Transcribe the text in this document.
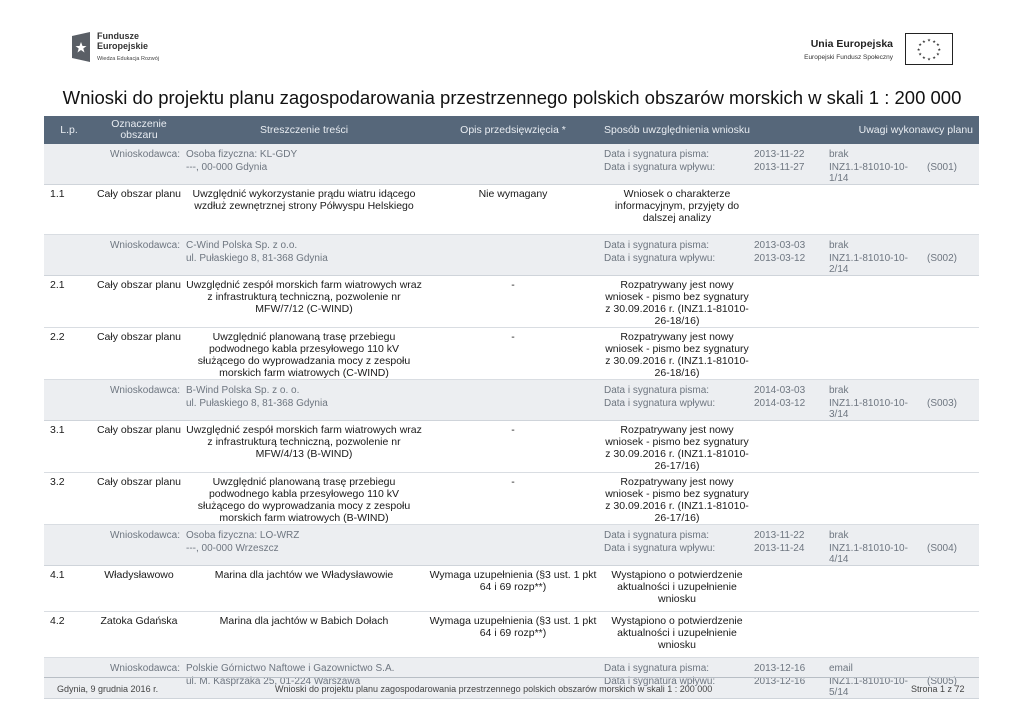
Fundusze
Europejskie
Wiedza Edukacja Rozwój
Unia Europejska
Europejski Fundusz Społeczny
★ ★
★
★
★
★
★
★
★
★
★
★
Wnioski do projektu planu zagospodarowania przestrzennego polskich obszarów morskich w skali 1 : 200 000
L.p.	Oznaczenie obszaru	Streszczenie treści	Opis przedsięwzięcia *	Sposób uwzględnienia wniosku	Uwagi wykonawcy planu		
Wnioskodawca:		Osoba fizyczna: KL-GDY		Data i sygnatura pisma:	2013-11-22	brak	
		---, 00-000 Gdynia		Data i sygnatura wpływu:	2013-11-27	INZ1.1-81010-10-1/14	(S001)
1.1	Cały obszar planu	Uwzględnić wykorzystanie prądu wiatru idącego wzdłuż zewnętrznej strony Półwyspu Helskiego	Nie wymagany	Wniosek o charakterze informacyjnym, przyjęty do dalszej analizy			
Wnioskodawca:		C-Wind Polska Sp. z o.o.		Data i sygnatura pisma:	2013-03-03	brak	
		ul. Pułaskiego 8, 81-368 Gdynia		Data i sygnatura wpływu:	2013-03-12	INZ1.1-81010-10-2/14	(S002)
2.1	Cały obszar planu	Uwzględnić zespół morskich farm wiatrowych wraz z infrastrukturą techniczną, pozwolenie nr MFW/7/12 (C-WIND)	-	Rozpatrywany jest nowy wniosek - pismo bez sygnatury z 30.09.2016 r. (INZ1.1-81010-26-18/16)			
2.2	Cały obszar planu	Uwzględnić planowaną trasę przebiegu podwodnego kabla przesyłowego 110 kV służącego do wyprowadzania mocy z zespołu morskich farm wiatrowych (C-WIND)	-	Rozpatrywany jest nowy wniosek - pismo bez sygnatury z 30.09.2016 r. (INZ1.1-81010-26-18/16)			
Wnioskodawca:		B-Wind Polska Sp. z o. o.		Data i sygnatura pisma:	2014-03-03	brak	
		ul. Pułaskiego 8, 81-368 Gdynia		Data i sygnatura wpływu:	2014-03-12	INZ1.1-81010-10-3/14	(S003)
3.1	Cały obszar planu	Uwzględnić zespół morskich farm wiatrowych wraz z infrastrukturą techniczną, pozwolenie nr MFW/4/13 (B-WIND)	-	Rozpatrywany jest nowy wniosek - pismo bez sygnatury z 30.09.2016 r. (INZ1.1-81010-26-17/16)			
3.2	Cały obszar planu	Uwzględnić planowaną trasę przebiegu podwodnego kabla przesyłowego 110 kV służącego do wyprowadzania mocy z zespołu morskich farm wiatrowych (B-WIND)	-	Rozpatrywany jest nowy wniosek - pismo bez sygnatury z 30.09.2016 r. (INZ1.1-81010-26-17/16)			
Wnioskodawca:		Osoba fizyczna: LO-WRZ		Data i sygnatura pisma:	2013-11-22	brak	
		---, 00-000 Wrzeszcz		Data i sygnatura wpływu:	2013-11-24	INZ1.1-81010-10-4/14	(S004)
4.1	Władysławowo	Marina dla jachtów we Władysławowie	Wymaga uzupełnienia (§3 ust. 1 pkt 64 i 69 rozp**)	Wystąpiono o potwierdzenie aktualności i uzupełnienie wniosku			
4.2	Zatoka Gdańska	Marina dla jachtów w Babich Dołach	Wymaga uzupełnienia (§3 ust. 1 pkt 64 i 69 rozp**)	Wystąpiono o potwierdzenie aktualności i uzupełnienie wniosku			
Wnioskodawca:		Polskie Górnictwo Naftowe i Gazownictwo S.A.		Data i sygnatura pisma:	2013-12-16	email	
		ul. M. Kasprzaka 25, 01-224 Warszawa		Data i sygnatura wpływu:	2013-12-16	INZ1.1-81010-10-5/14	(S005)
Gdynia, 9 grudnia 2016 r.	Wnioski do projektu planu zagospodarowania przestrzennego polskich obszarów morskich w skali 1 : 200 000	Strona 1 z 72
